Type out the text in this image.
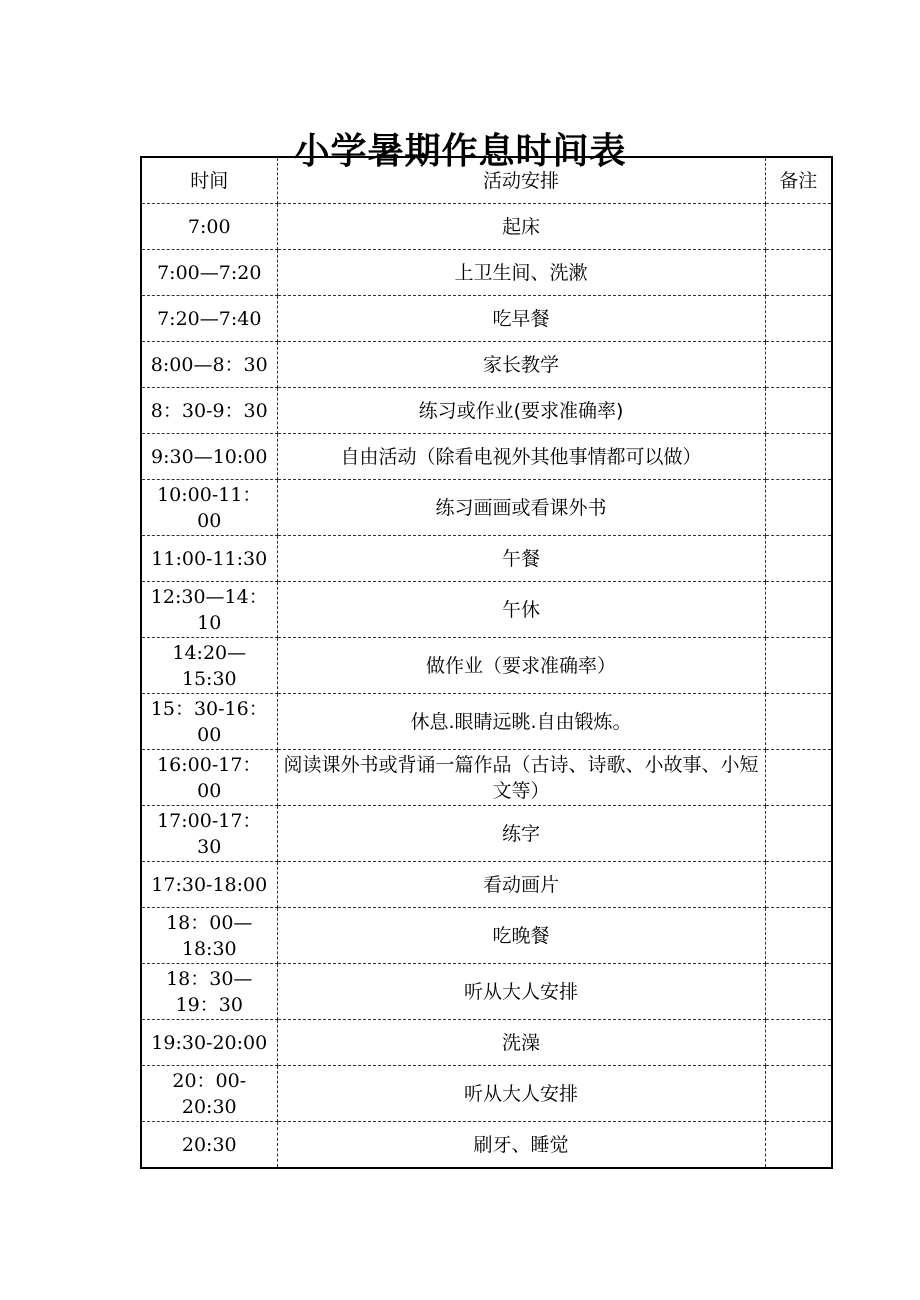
小学暑期作息时间表
时间	活动安排	备注
7:00	起床	
7:00—7:20	上卫生间、洗漱	
7:20—7:40	吃早餐	
8:00—8：30	家长教学	
8：30-9：30	练习或作业(要求准确率)	
9:30—10:00	自由活动（除看电视外其他事情都可以做）	
10:00-11：00	练习画画或看课外书	
11:00-11:30	午餐	
12:30—14：10	午休	
14:20—15:30	做作业（要求准确率）	
15：30-16：00	休息.眼睛远眺.自由锻炼。	
16:00-17：00	阅读课外书或背诵一篇作品（古诗、诗歌、小故事、小短文等）	
17:00-17：30	练字	
17:30-18:00	看动画片	
18：00—18:30	吃晚餐	
18：30—19：30	听从大人安排	
19:30-20:00	洗澡	
20：00-20:30	听从大人安排	
20:30	刷牙、睡觉	
